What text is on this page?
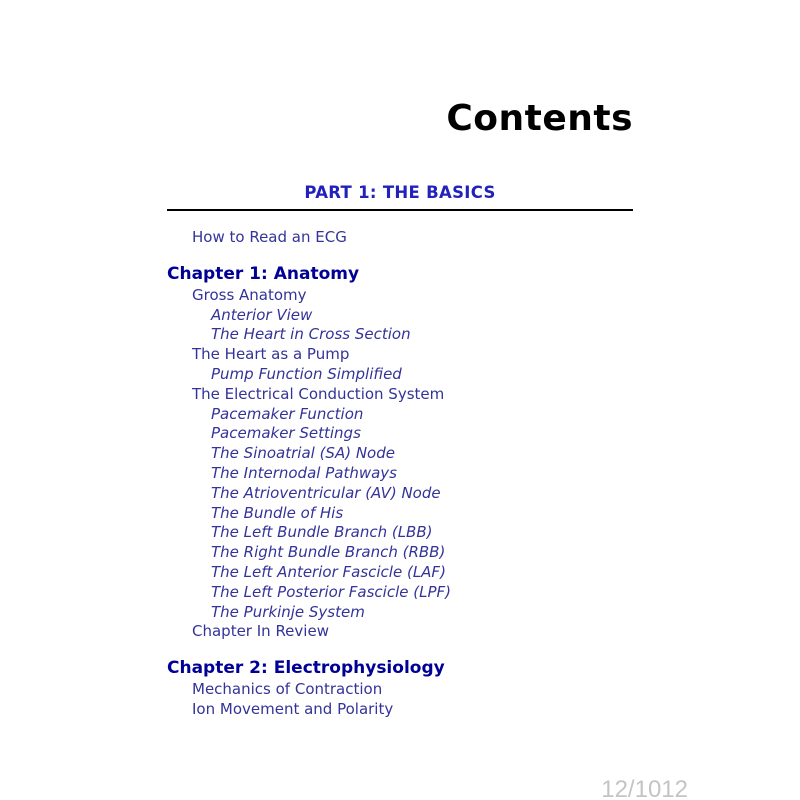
Contents
PART 1: THE BASICS
How to Read an ECG
Chapter 1: Anatomy
Gross Anatomy
Anterior View
The Heart in Cross Section
The Heart as a Pump
Pump Function Simplified
The Electrical Conduction System
Pacemaker Function
Pacemaker Settings
The Sinoatrial (SA) Node
The Internodal Pathways
The Atrioventricular (AV) Node
The Bundle of His
The Left Bundle Branch (LBB)
The Right Bundle Branch (RBB)
The Left Anterior Fascicle (LAF)
The Left Posterior Fascicle (LPF)
The Purkinje System
Chapter In Review
Chapter 2: Electrophysiology
Mechanics of Contraction
Ion Movement and Polarity
12/1012
